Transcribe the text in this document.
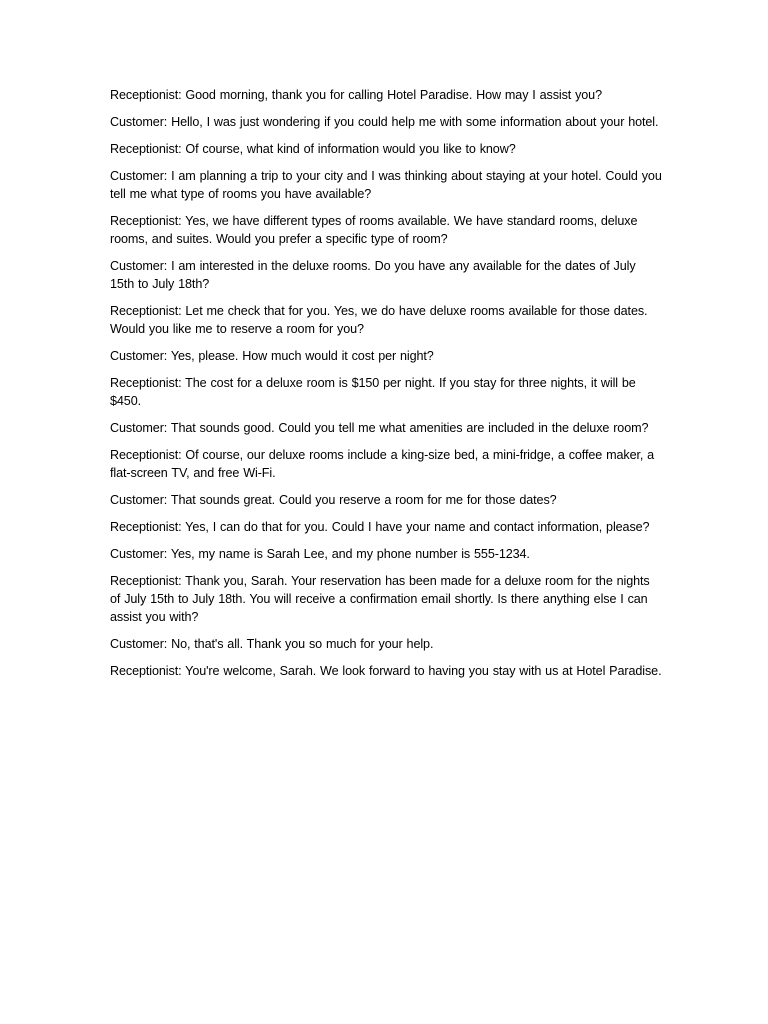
Receptionist: Good morning, thank you for calling Hotel Paradise. How may I assist you?

Customer: Hello, I was just wondering if you could help me with some information about your hotel.

Receptionist: Of course, what kind of information would you like to know?

Customer: I am planning a trip to your city and I was thinking about staying at your hotel. Could you tell me what type of rooms you have available?

Receptionist: Yes, we have different types of rooms available. We have standard rooms, deluxe rooms, and suites. Would you prefer a specific type of room?

Customer: I am interested in the deluxe rooms. Do you have any available for the dates of July 15th to July 18th?

Receptionist: Let me check that for you. Yes, we do have deluxe rooms available for those dates. Would you like me to reserve a room for you?

Customer: Yes, please. How much would it cost per night?

Receptionist: The cost for a deluxe room is $150 per night. If you stay for three nights, it will be $450.

Customer: That sounds good. Could you tell me what amenities are included in the deluxe room?

Receptionist: Of course, our deluxe rooms include a king-size bed, a mini-fridge, a coffee maker, a flat-screen TV, and free Wi-Fi.

Customer: That sounds great. Could you reserve a room for me for those dates?

Receptionist: Yes, I can do that for you. Could I have your name and contact information, please?

Customer: Yes, my name is Sarah Lee, and my phone number is 555-1234.

Receptionist: Thank you, Sarah. Your reservation has been made for a deluxe room for the nights of July 15th to July 18th. You will receive a confirmation email shortly. Is there anything else I can assist you with?

Customer: No, that's all. Thank you so much for your help.

Receptionist: You're welcome, Sarah. We look forward to having you stay with us at Hotel Paradise.
